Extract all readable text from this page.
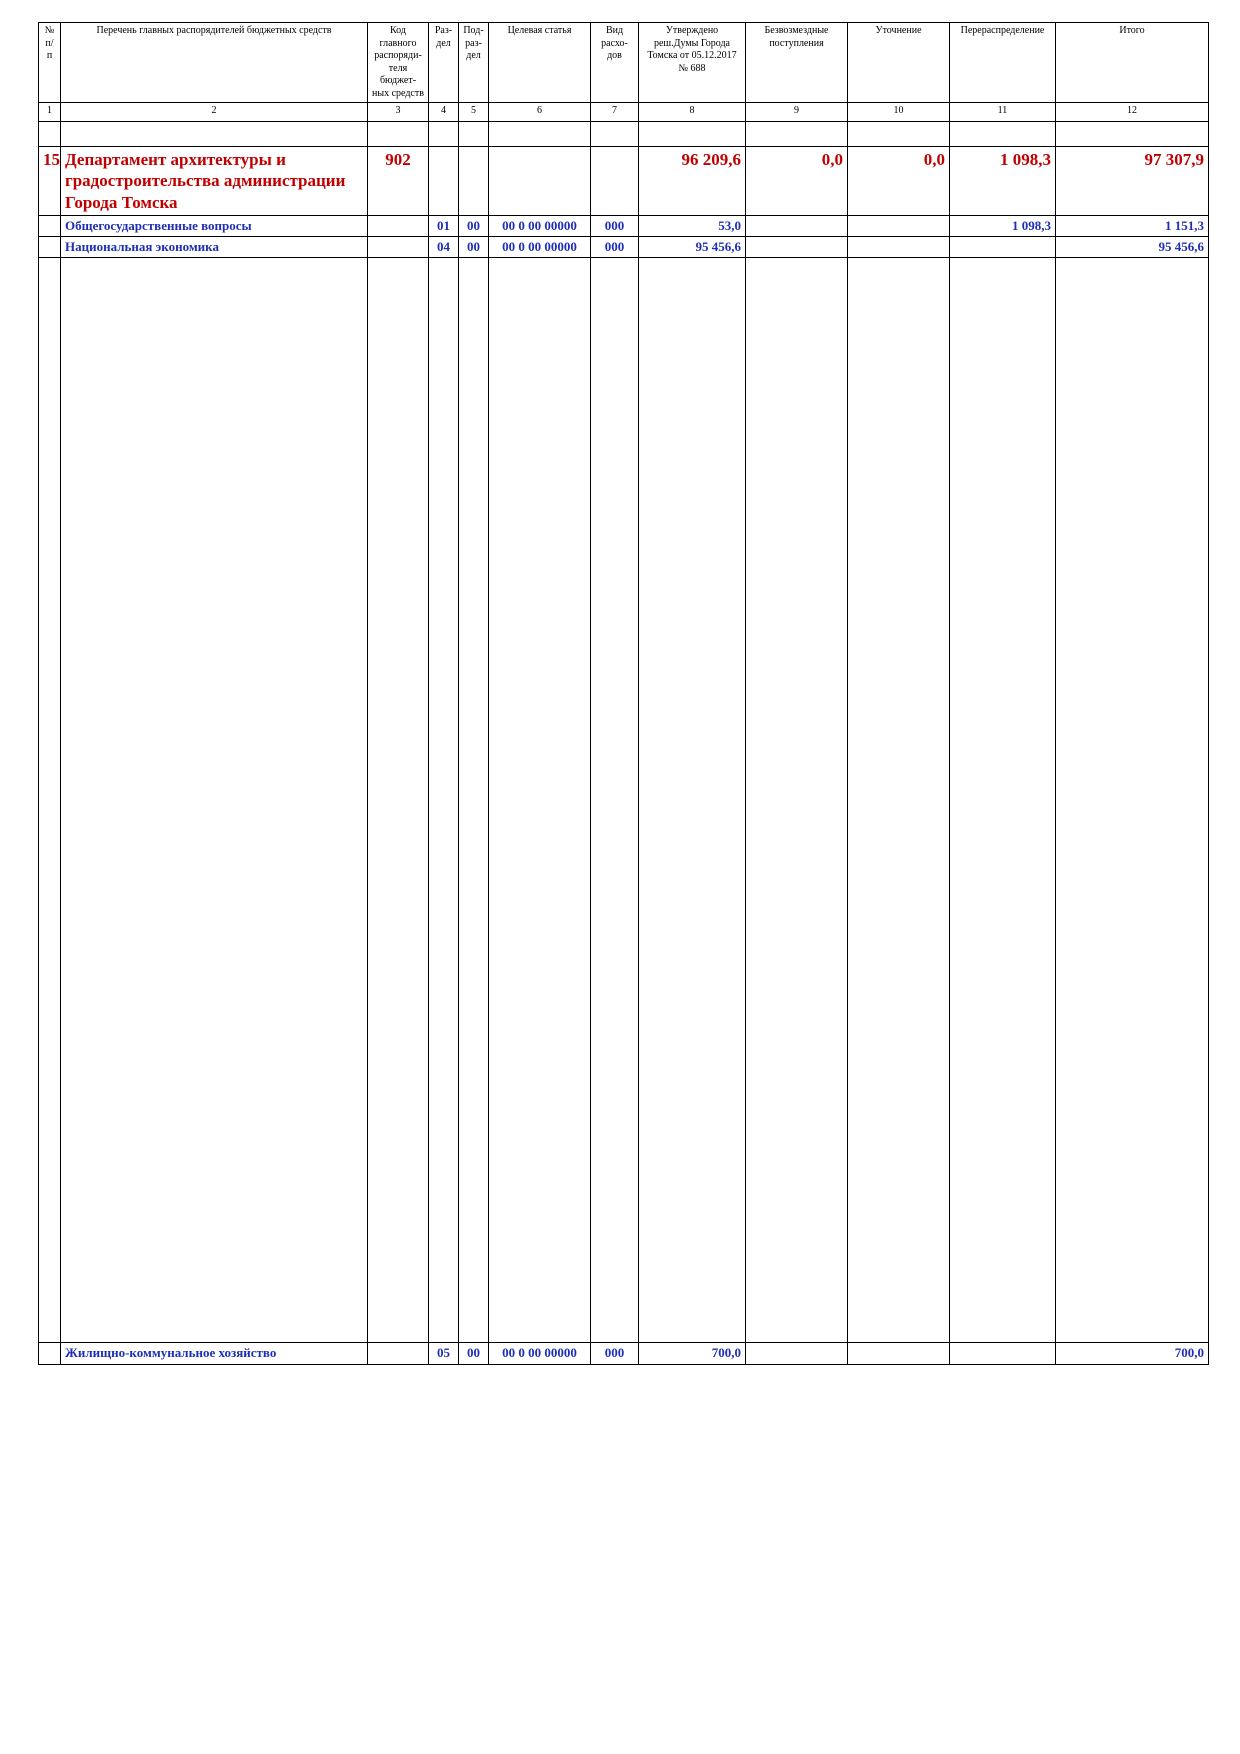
№ п/п	Перечень главных распорядителей бюджетных средств	Код главного распоряди-теля бюджет-ных средств	Раз-дел	Под-раз-дел	Целевая статья	Вид расхо-дов	Утверждено реш.Думы Города Томска от 05.12.2017 № 688	Безвозмездные поступления	Уточнение	Перераспределение	Итого
1	2	3	4	5	6	7	8	9	10	11	12

15	Департамент архитектуры и градостроительства администрации Города Томска	902					96 209,6	0,0	0,0	1 098,3	97 307,9
	Общегосударственные вопросы		01	00	00 0 00 00000	000	53,0			1 098,3	1 151,3
	Национальная экономика		04	00	00 0 00 00000	000	95 456,6				95 456,6

	Жилищно-коммунальное хозяйство		05	00	00 0 00 00000	000	700,0				700,0
